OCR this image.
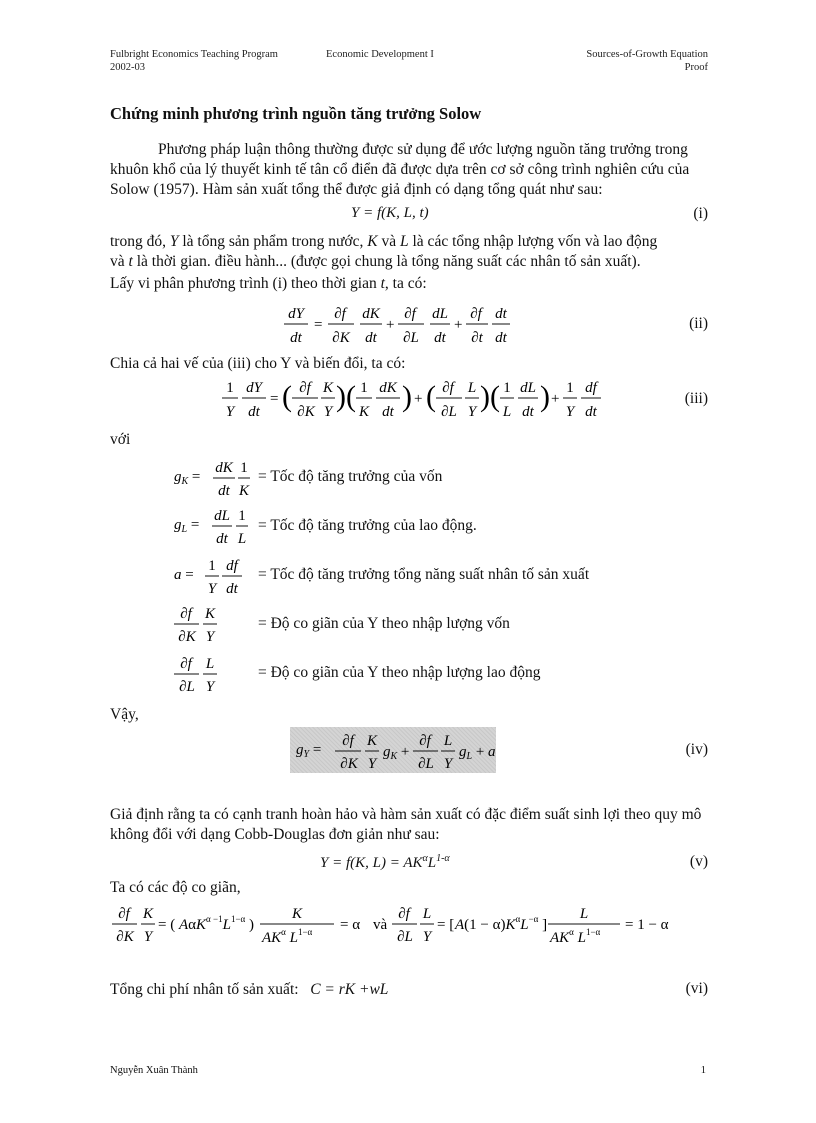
Fulbright Economics Teaching Program
2002-03
Economic Development I	Sources-of-Growth Equation
Proof
Chứng minh phương trình nguồn tăng trưởng Solow
Phương pháp luận thông thường được sử dụng để ước lượng nguồn tăng trưởng trong khuôn khổ của lý thuyết kinh tế tân cổ điển đã được dựa trên cơ sở công trình nghiên cứu của Solow (1957). Hàm sản xuất tổng thể được giả định có dạng tổng quát như sau:
Y = f(K, L, t)	(i)
trong đó, Y là tổng sản phẩm trong nước, K và L là các tổng nhập lượng vốn và lao động
và t là thời gian. điều hành... (được gọi chung là tổng năng suất các nhân tố sản xuất).
Lấy vi phân phương trình (i) theo thời gian t, ta có:
dY
dt
=
∂f
∂K
dK
dt
+
∂f
∂L
dL
dt
+
∂f
∂t
dt
dt
(ii)
Chia cả hai vế của (iii) cho Y và biến đổi, ta có:
1
Y
dY
dt
= ( ∂f
∂K
K
Y ) ( 1
K
dK
dt ) + ( ∂f
∂L
L
Y ) ( 1
L
dL
dt ) +
1
Y
df
dt
(iii)
với
$g_K$ =
dK
dt
1
K
= Tốc độ tăng trưởng của vốn
$g_L$ =
dL
dt
1
L
= Tốc độ tăng trưởng của lao động.
a =
1
Y
df
dt
= Tốc độ tăng trưởng tổng năng suất nhân tố sản xuất
∂f
∂K
K
Y
= Độ co giãn của Y theo nhập lượng vốn
∂f
∂L
L
Y
= Độ co giãn của Y theo nhập lượng lao động
Vậy,
$g_Y$ =
∂f
∂K
K
Y
$g_K$ +
∂f
∂L
L
Y
$g_L + a$	(iv)
Giả định rằng ta có cạnh tranh hoàn hảo và hàm sản xuất có đặc điểm suất sinh lợi theo quy mô không đổi với dạng Cobb-Douglas đơn giản như sau:
Y = f(K, $L) = AK^\alpha L^{1-\alpha}$	(v)
Ta có các độ co giãn,
∂f
∂K
K
Y
= ( $A\alpha K^{\alpha -1}L^{1-\alpha}$ )
K
$AK^\alpha$ $L^{1-\alpha} = \alpha$ và
∂f
∂L
L
Y
= [ $A(1 - \alpha)K^\alpha L^{-\alpha}$ ]
L
$AK^\alpha$ $L^{1-\alpha} = 1 - \alpha$
Tổng chi phí nhân tố sản xuất: C = rK +wL	(vi)
Nguyễn Xuân Thành	1
